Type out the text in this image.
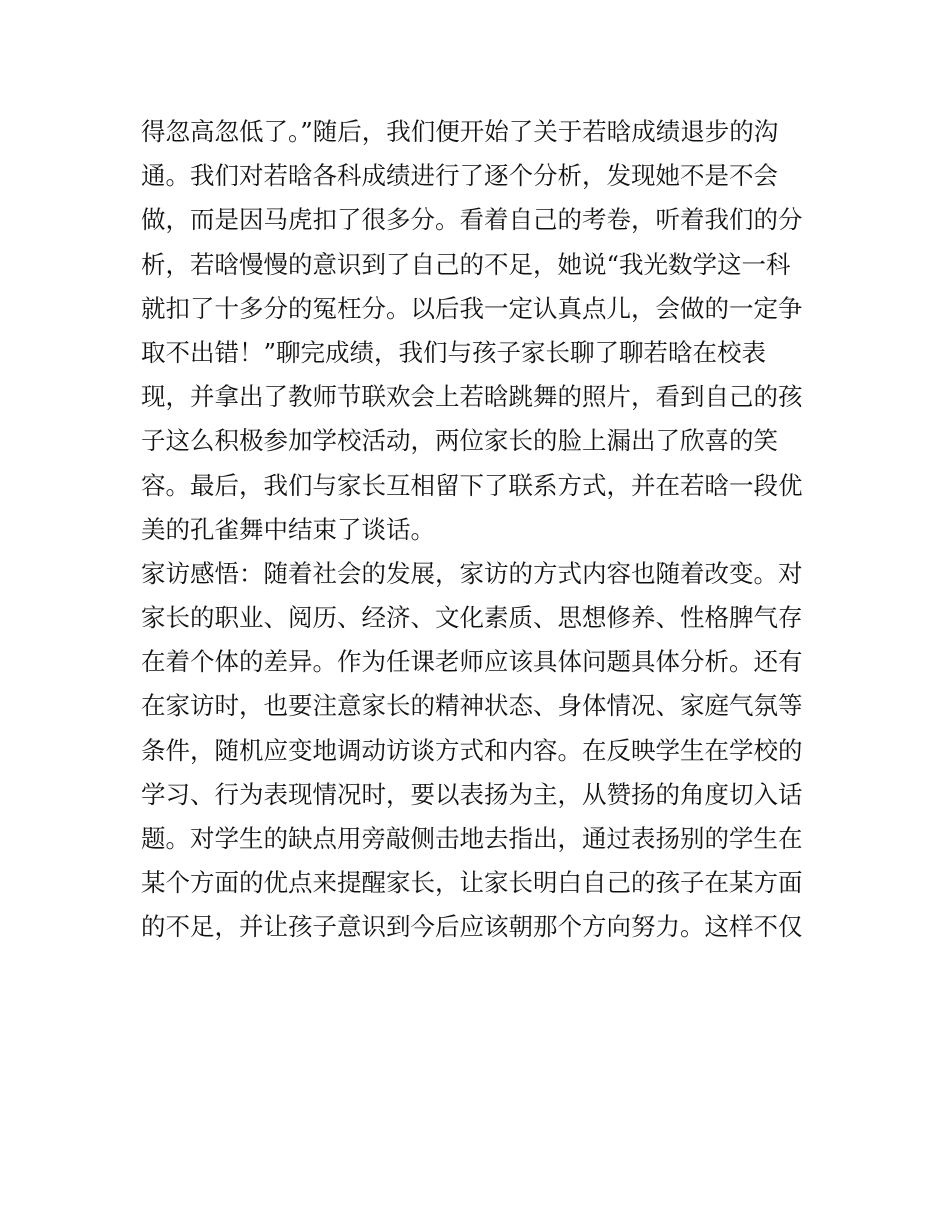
得忽高忽低了。”随后，我们便开始了关于若晗成绩退步的沟
通。我们对若晗各科成绩进行了逐个分析，发现她不是不会
做，而是因马虎扣了很多分。看着自己的考卷，听着我们的分
析，若晗慢慢的意识到了自己的不足，她说“我光数学这一科
就扣了十多分的冤枉分。以后我一定认真点儿，会做的一定争
取不出错！”聊完成绩，我们与孩子家长聊了聊若晗在校表
现，并拿出了教师节联欢会上若晗跳舞的照片，看到自己的孩
子这么积极参加学校活动，两位家长的脸上漏出了欣喜的笑
容。最后，我们与家长互相留下了联系方式，并在若晗一段优
美的孔雀舞中结束了谈话。
家访感悟：随着社会的发展，家访的方式内容也随着改变。对
家长的职业、阅历、经济、文化素质、思想修养、性格脾气存
在着个体的差异。作为任课老师应该具体问题具体分析。还有
在家访时，也要注意家长的精神状态、身体情况、家庭气氛等
条件，随机应变地调动访谈方式和内容。在反映学生在学校的
学习、行为表现情况时，要以表扬为主，从赞扬的角度切入话
题。对学生的缺点用旁敲侧击地去指出，通过表扬别的学生在
某个方面的优点来提醒家长，让家长明白自己的孩子在某方面
的不足，并让孩子意识到今后应该朝那个方向努力。这样不仅
